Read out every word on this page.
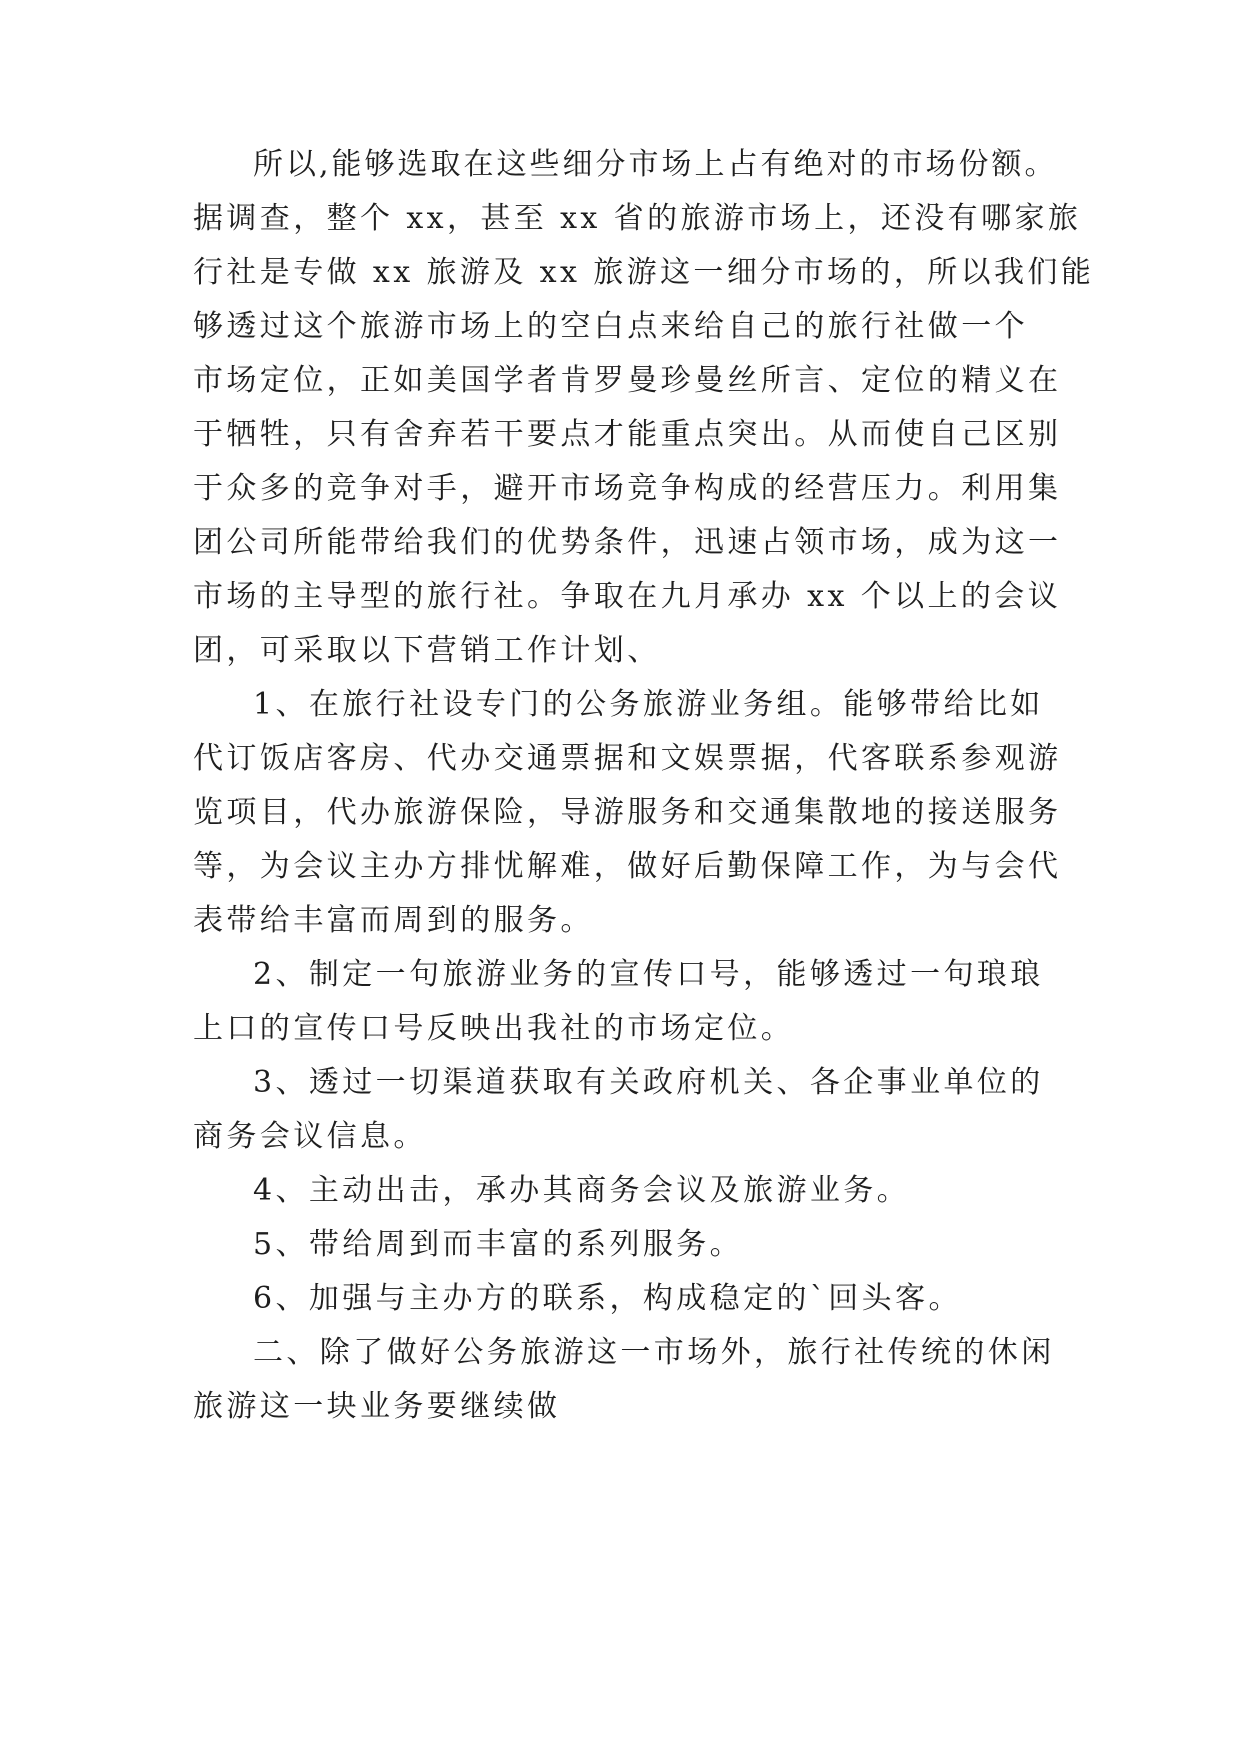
所以,能够选取在这些细分市场上占有绝对的市场份额。
据调查，整个 xx，甚至 xx 省的旅游市场上，还没有哪家旅
行社是专做 xx 旅游及 xx 旅游这一细分市场的，所以我们能
够透过这个旅游市场上的空白点来给自己的旅行社做一个
市场定位，正如美国学者肯罗曼珍曼丝所言、定位的精义在
于牺牲，只有舍弃若干要点才能重点突出。从而使自己区别
于众多的竞争对手，避开市场竞争构成的经营压力。利用集
团公司所能带给我们的优势条件，迅速占领市场，成为这一
市场的主导型的旅行社。争取在九月承办 xx 个以上的会议
团，可采取以下营销工作计划、
1、在旅行社设专门的公务旅游业务组。能够带给比如
代订饭店客房、代办交通票据和文娱票据，代客联系参观游
览项目，代办旅游保险，导游服务和交通集散地的接送服务
等，为会议主办方排忧解难，做好后勤保障工作，为与会代
表带给丰富而周到的服务。
2、制定一句旅游业务的宣传口号，能够透过一句琅琅
上口的宣传口号反映出我社的市场定位。
3、透过一切渠道获取有关政府机关、各企事业单位的
商务会议信息。
4、主动出击，承办其商务会议及旅游业务。
5、带给周到而丰富的系列服务。
6、加强与主办方的联系，构成稳定的`回头客。
二、除了做好公务旅游这一市场外，旅行社传统的休闲
旅游这一块业务要继续做
